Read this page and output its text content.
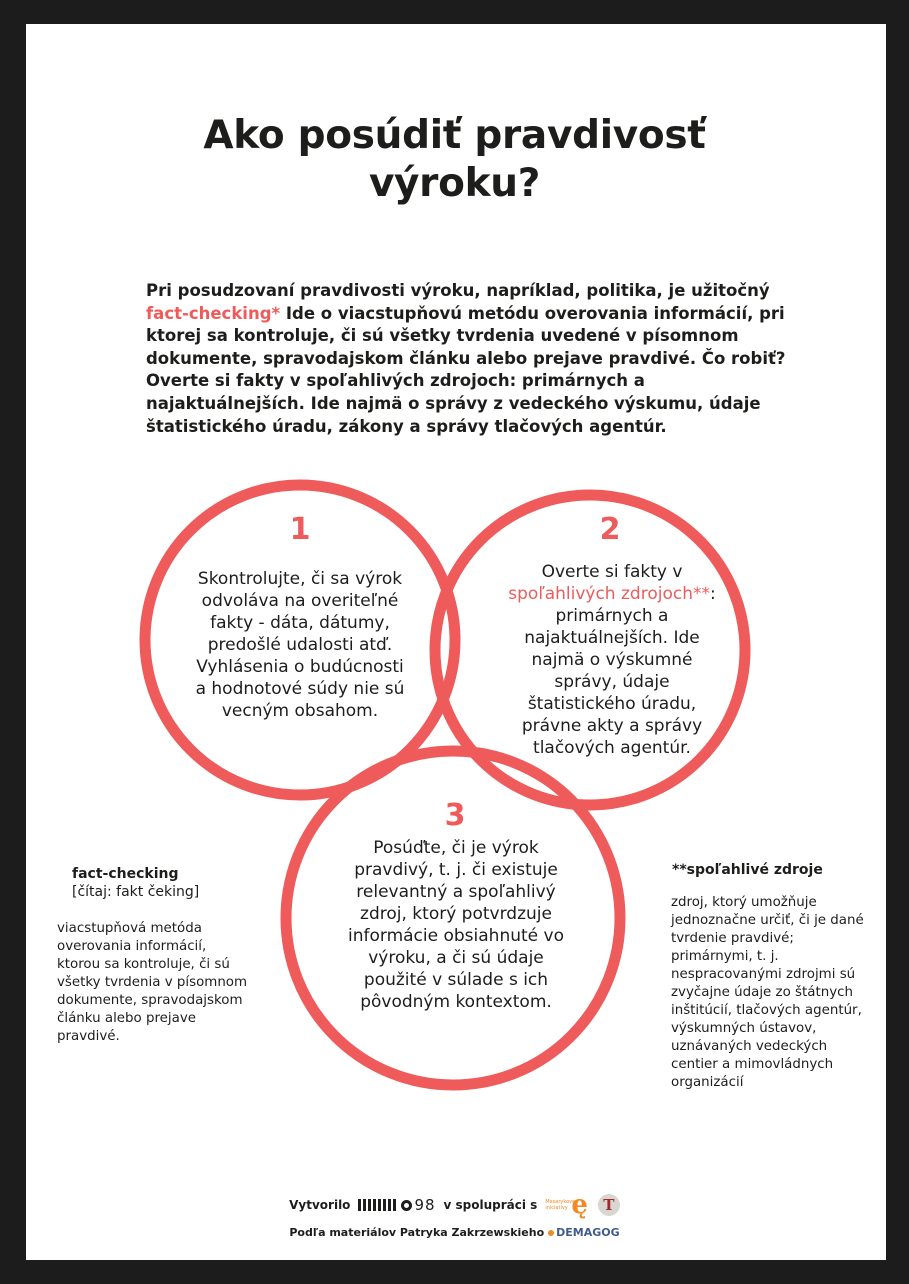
Ako posúdiť pravdivosť
výroku?

Pri posudzovaní pravdivosti výroku, napríklad, politika, je užitočný fact-checking* Ide o viacstupňovú metódu overovania informácií, pri ktorej sa kontroluje, či sú všetky tvrdenia uvedené v písomnom dokumente, spravodajskom článku alebo prejave pravdivé. Čo robiť? Overte si fakty v spoľahlivých zdrojoch: primárnych a najaktuálnejších. Ide najmä o správy z vedeckého výskumu, údaje štatistického úradu, zákony a správy tlačových agentúr.

1

Skontrolujte, či sa výrok odvoláva na overiteľné fakty - dáta, dátumy, predošlé udalosti atď. Vyhlásenia o budúcnosti a hodnotové súdy nie sú vecným obsahom.

2

Overte si fakty v spoľahlivých zdrojoch**: primárnych a najaktuálnejších. Ide najmä o výskumné správy, údaje štatistického úradu, právne akty a správy tlačových agentúr.

3

Posúďte, či je výrok pravdivý, t. j. či existuje relevantný a spoľahlivý zdroj, ktorý potvrdzuje informácie obsiahnuté vo výroku, a či sú údaje použité v súlade s ich pôvodným kontextom.

fact-checking

[čítaj: fakt čeking]

viacstupňová metóda overovania informácií, ktorou sa kontroluje, či sú všetky tvrdenia v písomnom dokumente, spravodajskom článku alebo prejave pravdivé.

**spoľahlivé zdroje

zdroj, ktorý umožňuje jednoznačne určiť, či je dané tvrdenie pravdivé; primárnymi, t. j. nespracovanými zdrojmi sú zvyčajne údaje zo štátnych inštitúcií, tlačových agentúr, výskumných ústavov, uznávaných vedeckých centier a mimovládnych organizácií

Vytvorilo	98 v spolupráci s Masarykové iniciatívy ę	T
Podľa materiálov Patryka Zakrzewskieho DEMAGOG
